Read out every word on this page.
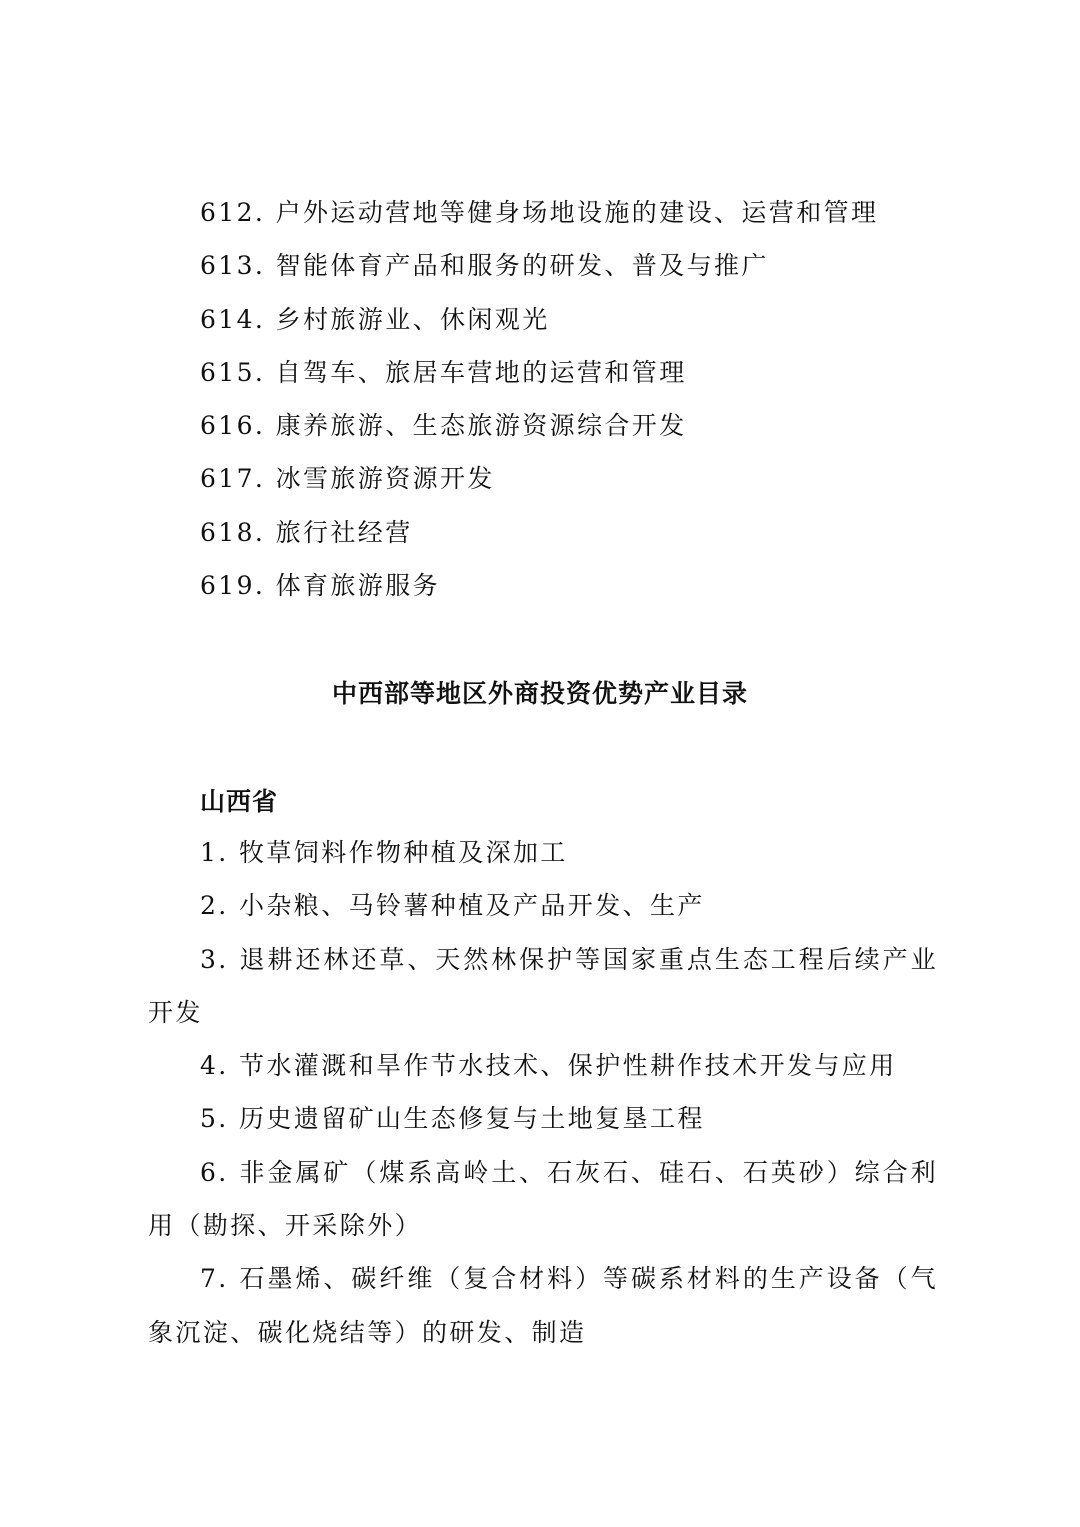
612. 户外运动营地等健身场地设施的建设、运营和管理

613. 智能体育产品和服务的研发、普及与推广

614. 乡村旅游业、休闲观光

615. 自驾车、旅居车营地的运营和管理

616. 康养旅游、生态旅游资源综合开发

617. 冰雪旅游资源开发

618. 旅行社经营

619. 体育旅游服务

中西部等地区外商投资优势产业目录
山西省

1. 牧草饲料作物种植及深加工

2. 小杂粮、马铃薯种植及产品开发、生产

3. 退耕还林还草、天然林保护等国家重点生态工程后续产业开发

4. 节水灌溉和旱作节水技术、保护性耕作技术开发与应用

5. 历史遗留矿山生态修复与土地复垦工程

6. 非金属矿（煤系高岭土、石灰石、硅石、石英砂）综合利用（勘探、开采除外）

7. 石墨烯、碳纤维（复合材料）等碳系材料的生产设备（气象沉淀、碳化烧结等）的研发、制造
